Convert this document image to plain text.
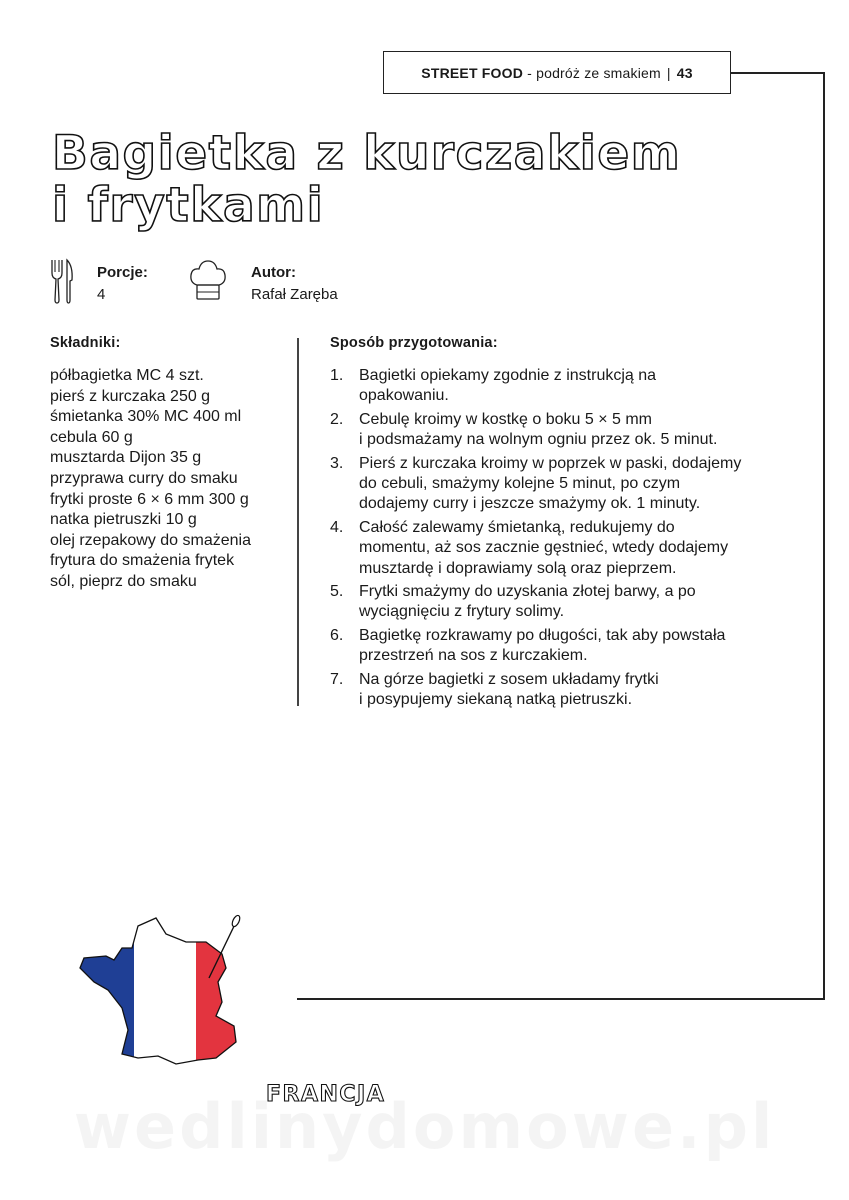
STREET FOOD
- podróż ze smakiem | 43
Bagietka z kurczakiem
i frytkami
Porcje:
4
Autor:
Rafał Zaręba
Składniki:
półbagietka MC 4 szt.
pierś z kurczaka 250 g
śmietanka 30% MC 400 ml
cebula 60 g
musztarda Dijon 35 g
przyprawa curry do smaku
frytki proste 6 × 6 mm 300 g
natka pietruszki 10 g
olej rzepakowy do smażenia
frytura do smażenia frytek
sól, pieprz do smaku
Sposób przygotowania:
1. Bagietki opiekamy zgodnie z instrukcją na
opakowaniu.
2. Cebulę kroimy w kostkę o boku 5 × 5 mm
i podsmażamy na wolnym ogniu przez ok. 5 minut.
3. Pierś z kurczaka kroimy w poprzek w paski, dodajemy
do cebuli, smażymy kolejne 5 minut, po czym
dodajemy curry i jeszcze smażymy ok. 1 minuty.
4. Całość zalewamy śmietanką, redukujemy do
momentu, aż sos zacznie gęstnieć, wtedy dodajemy
musztardę i doprawiamy solą oraz pieprzem.
5. Frytki smażymy do uzyskania złotej barwy, a po
wyciągnięciu z frytury solimy.
6. Bagietkę rozkrawamy po długości, tak aby powstała
przestrzeń na sos z kurczakiem.
7. Na górze bagietki z sosem układamy frytki
i posypujemy siekaną natką pietruszki.
FRANCJA
